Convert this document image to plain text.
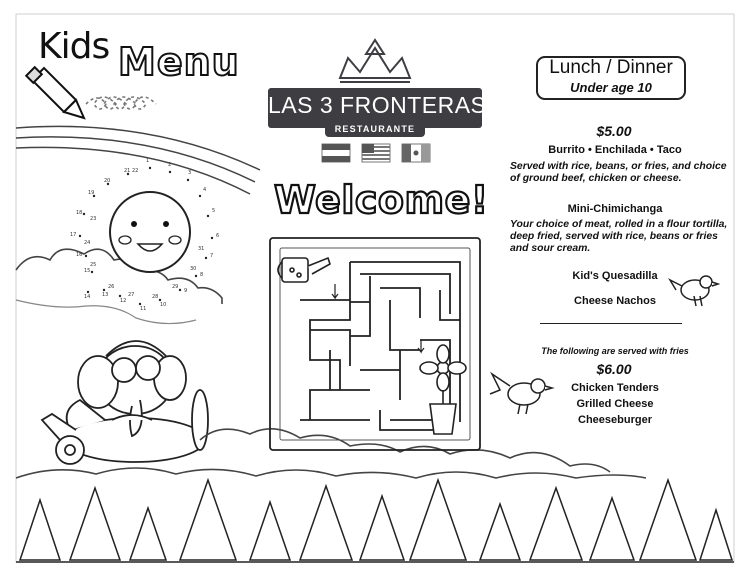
1
2
3
4
5
6
7
8
9
10
11
12
13
14
15
16
17
18
19
20
21 22
23
24
25
26
27	28
29
30
31
Kids Menu
LAS 3 FRONTERAS
RESTAURANTE
Welcome!
Lunch / Dinner
Under age 10
$5.00
Burrito • Enchilada • Taco
Served with rice, beans, or fries, and choice of ground beef, chicken or cheese.
Mini-Chimichanga
Your choice of meat, rolled in a flour tortilla, deep fried, served with rice, beans or fries and sour cream.
Kid's Quesadilla
Cheese Nachos
The following are served with fries
$6.00
Chicken Tenders
Grilled Cheese
Cheeseburger
